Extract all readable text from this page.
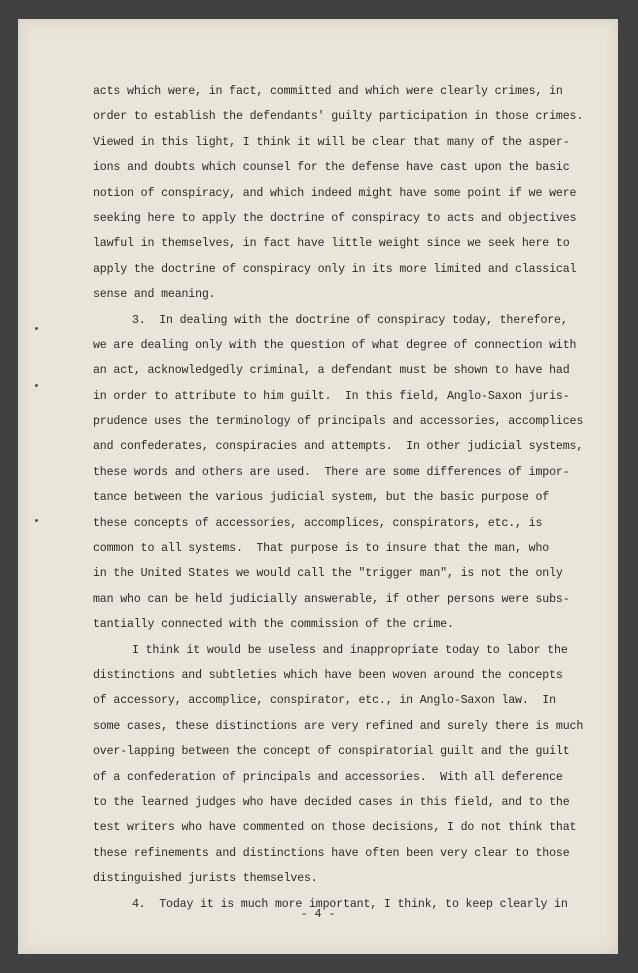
acts which were, in fact, committed and which were clearly crimes, in
order to establish the defendants' guilty participation in those crimes.
Viewed in this light, I think it will be clear that many of the asper-
ions and doubts which counsel for the defense have cast upon the basic
notion of conspiracy, and which indeed might have some point if we were
seeking here to apply the doctrine of conspiracy to acts and objectives
lawful in themselves, in fact have little weight since we seek here to
apply the doctrine of conspiracy only in its more limited and classical
sense and meaning.
3.  In dealing with the doctrine of conspiracy today, therefore,
we are dealing only with the question of what degree of connection with
an act, acknowledgedly criminal, a defendant must be shown to have had
in order to attribute to him guilt.  In this field, Anglo-Saxon juris-
prudence uses the terminology of principals and accessories, accomplices
and confederates, conspiracies and attempts.  In other judicial systems,
these words and others are used.  There are some differences of impor-
tance between the various judicial system, but the basic purpose of
these concepts of accessories, accomplices, conspirators, etc., is
common to all systems.  That purpose is to insure that the man, who
in the United States we would call the "trigger man", is not the only
man who can be held judicially answerable, if other persons were subs-
tantially connected with the commission of the crime.
I think it would be useless and inappropriate today to labor the
distinctions and subtleties which have been woven around the concepts
of accessory, accomplice, conspirator, etc., in Anglo-Saxon law.  In
some cases, these distinctions are very refined and surely there is much
over-lapping between the concept of conspiratorial guilt and the guilt
of a confederation of principals and accessories.  With all deference
to the learned judges who have decided cases in this field, and to the
test writers who have commented on those decisions, I do not think that
these refinements and distinctions have often been very clear to those
distinguished jurists themselves.
4.  Today it is much more important, I think, to keep clearly in
- 4 -
